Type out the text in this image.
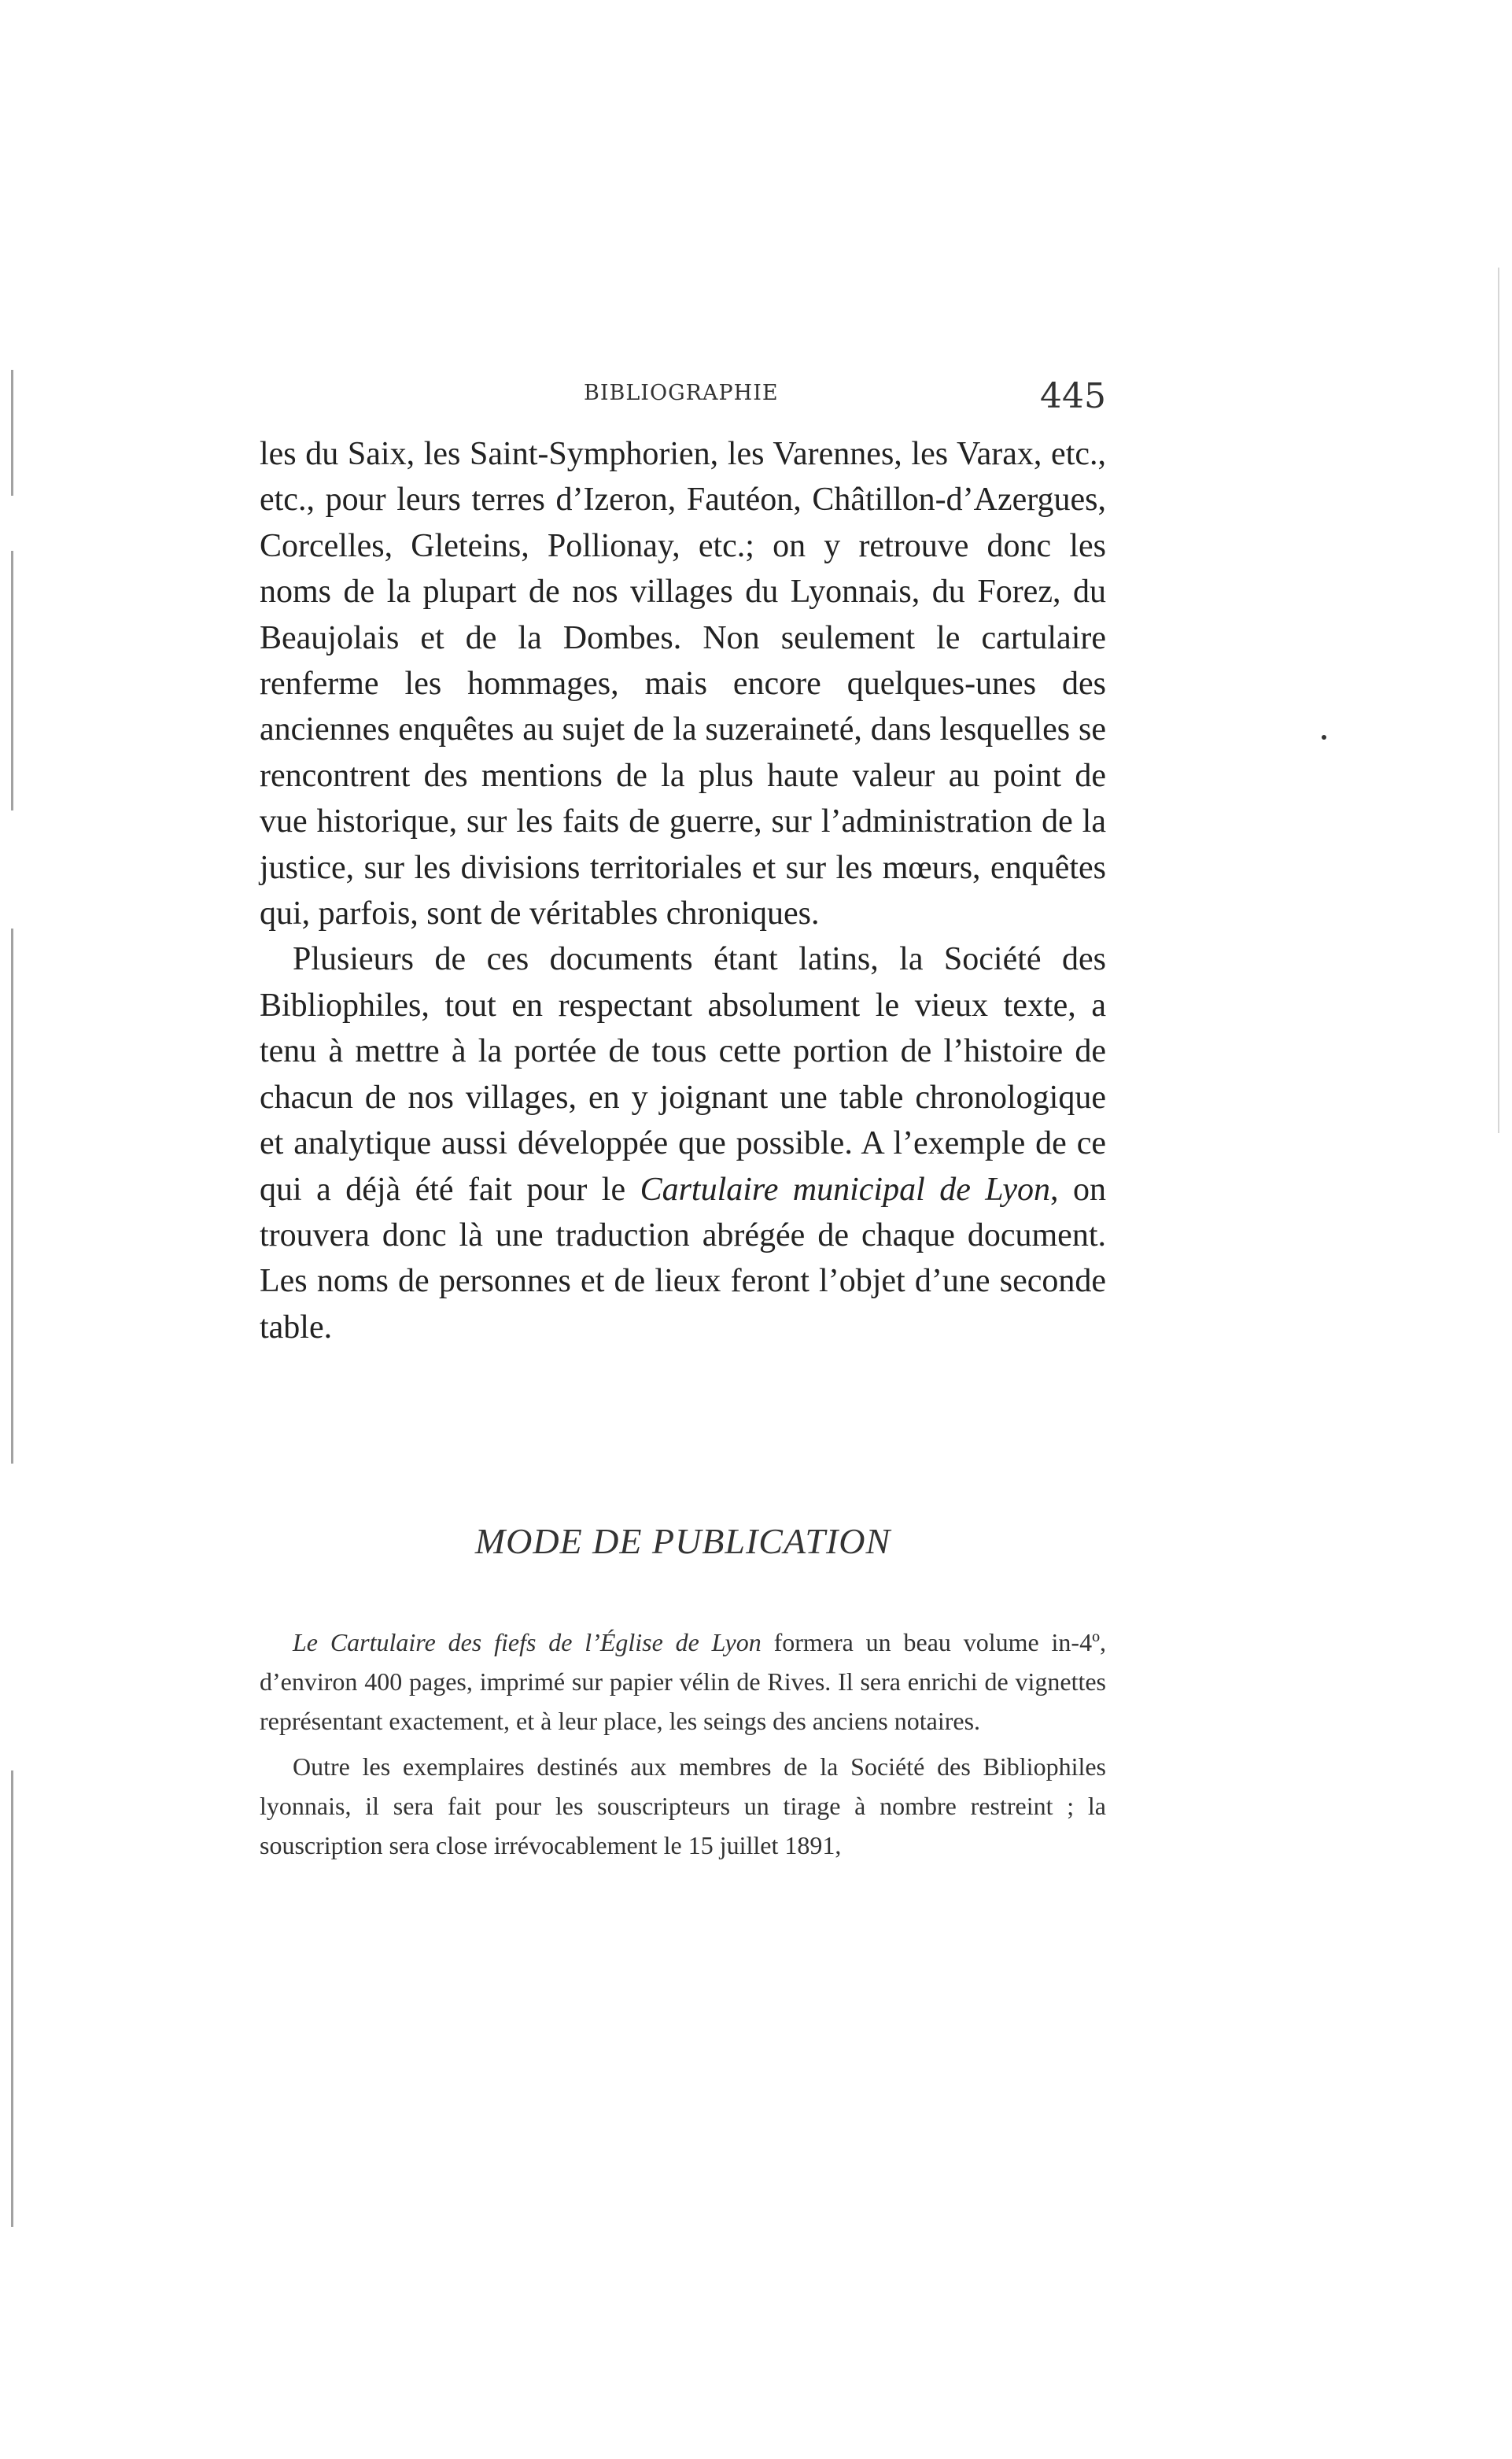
BIBLIOGRAPHIE	445

les du Saix, les Saint-Symphorien, les Varennes, les Varax, etc., etc., pour leurs terres d’Izeron, Fautéon, Châtillon-d’Azergues, Corcelles, Gleteins, Pollionay, etc.; on y retrouve donc les noms de la plupart de nos villages du Lyonnais, du Forez, du Beaujolais et de la Dombes. Non seulement le cartulaire renferme les hommages, mais encore quelques-unes des anciennes enquêtes au sujet de la suzeraineté, dans lesquelles se rencontrent des mentions de la plus haute valeur au point de vue historique, sur les faits de guerre, sur l’administration de la justice, sur les divisions territoriales et sur les mœurs, enquêtes qui, parfois, sont de véritables chroniques.

Plusieurs de ces documents étant latins, la Société des Bibliophiles, tout en respectant absolument le vieux texte, a tenu à mettre à la portée de tous cette portion de l’histoire de chacun de nos villages, en y joignant une table chronologique et analytique aussi développée que possible. A l’exemple de ce qui a déjà été fait pour le Cartulaire municipal de Lyon, on trouvera donc là une traduction abrégée de chaque document. Les noms de personnes et de lieux feront l’objet d’une seconde table.

MODE DE PUBLICATION

Le Cartulaire des fiefs de l’Église de Lyon formera un beau volume in-4º, d’environ 400 pages, imprimé sur papier vélin de Rives. Il sera enrichi de vignettes représentant exactement, et à leur place, les seings des anciens notaires.

Outre les exemplaires destinés aux membres de la Société des Bibliophiles lyonnais, il sera fait pour les souscripteurs un tirage à nombre restreint ; la souscription sera close irrévocablement le 15 juillet 1891,
